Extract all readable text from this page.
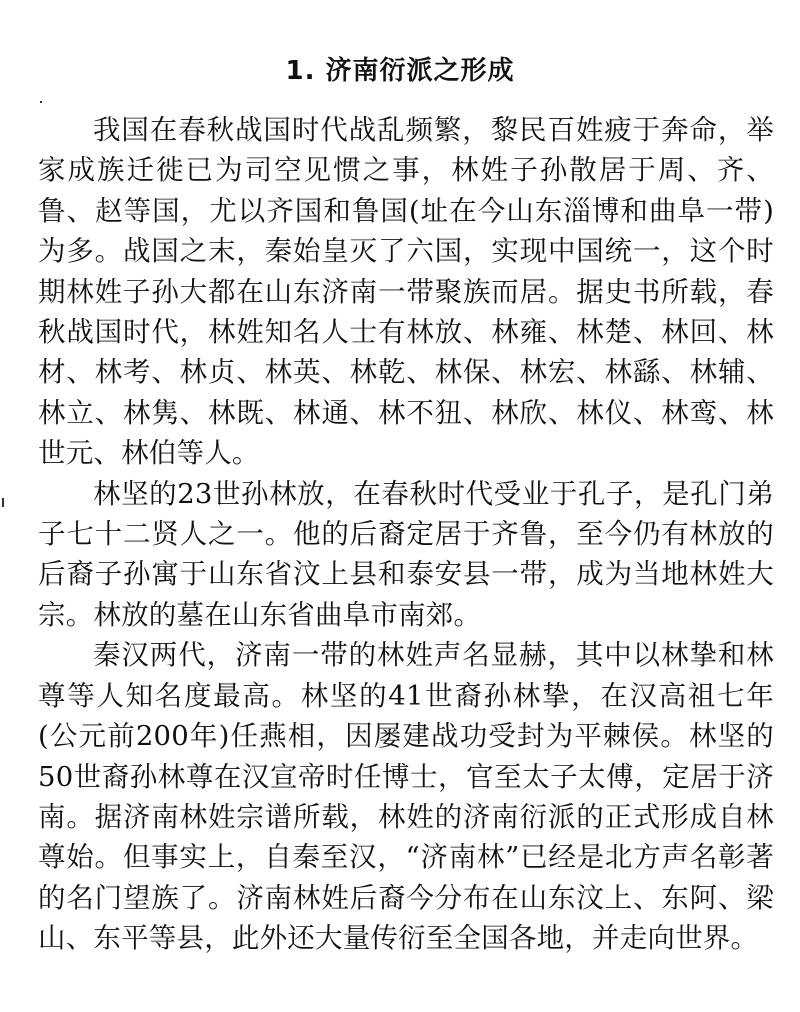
1. 济南衍派之形成

我国在春秋战国时代战乱频繁，黎民百姓疲于奔命，举家成族迁徙已为司空见惯之事，林姓子孙散居于周、齐、鲁、赵等国，尤以齐国和鲁国(址在今山东淄博和曲阜一带)为多。战国之末，秦始皇灭了六国，实现中国统一，这个时期林姓子孙大都在山东济南一带聚族而居。据史书所载，春秋战国时代，林姓知名人士有林放、林雍、林楚、林回、林材、林考、林贞、林英、林乾、林保、林宏、林繇、林辅、林立、林隽、林既、林通、林不狃、林欣、林仪、林鸾、林世元、林伯等人。

林坚的23世孙林放，在春秋时代受业于孔子，是孔门弟子七十二贤人之一。他的后裔定居于齐鲁，至今仍有林放的后裔子孙寓于山东省汶上县和泰安县一带，成为当地林姓大宗。林放的墓在山东省曲阜市南郊。

秦汉两代，济南一带的林姓声名显赫，其中以林挚和林尊等人知名度最高。林坚的41世裔孙林挚，在汉高祖七年(公元前200年)任燕相，因屡建战功受封为平棘侯。林坚的50世裔孙林尊在汉宣帝时任博士，官至太子太傅，定居于济南。据济南林姓宗谱所载，林姓的济南衍派的正式形成自林尊始。但事实上，自秦至汉，“济南林”已经是北方声名彰著的名门望族了。济南林姓后裔今分布在山东汶上、东阿、梁山、东平等县，此外还大量传衍至全国各地，并走向世界。
